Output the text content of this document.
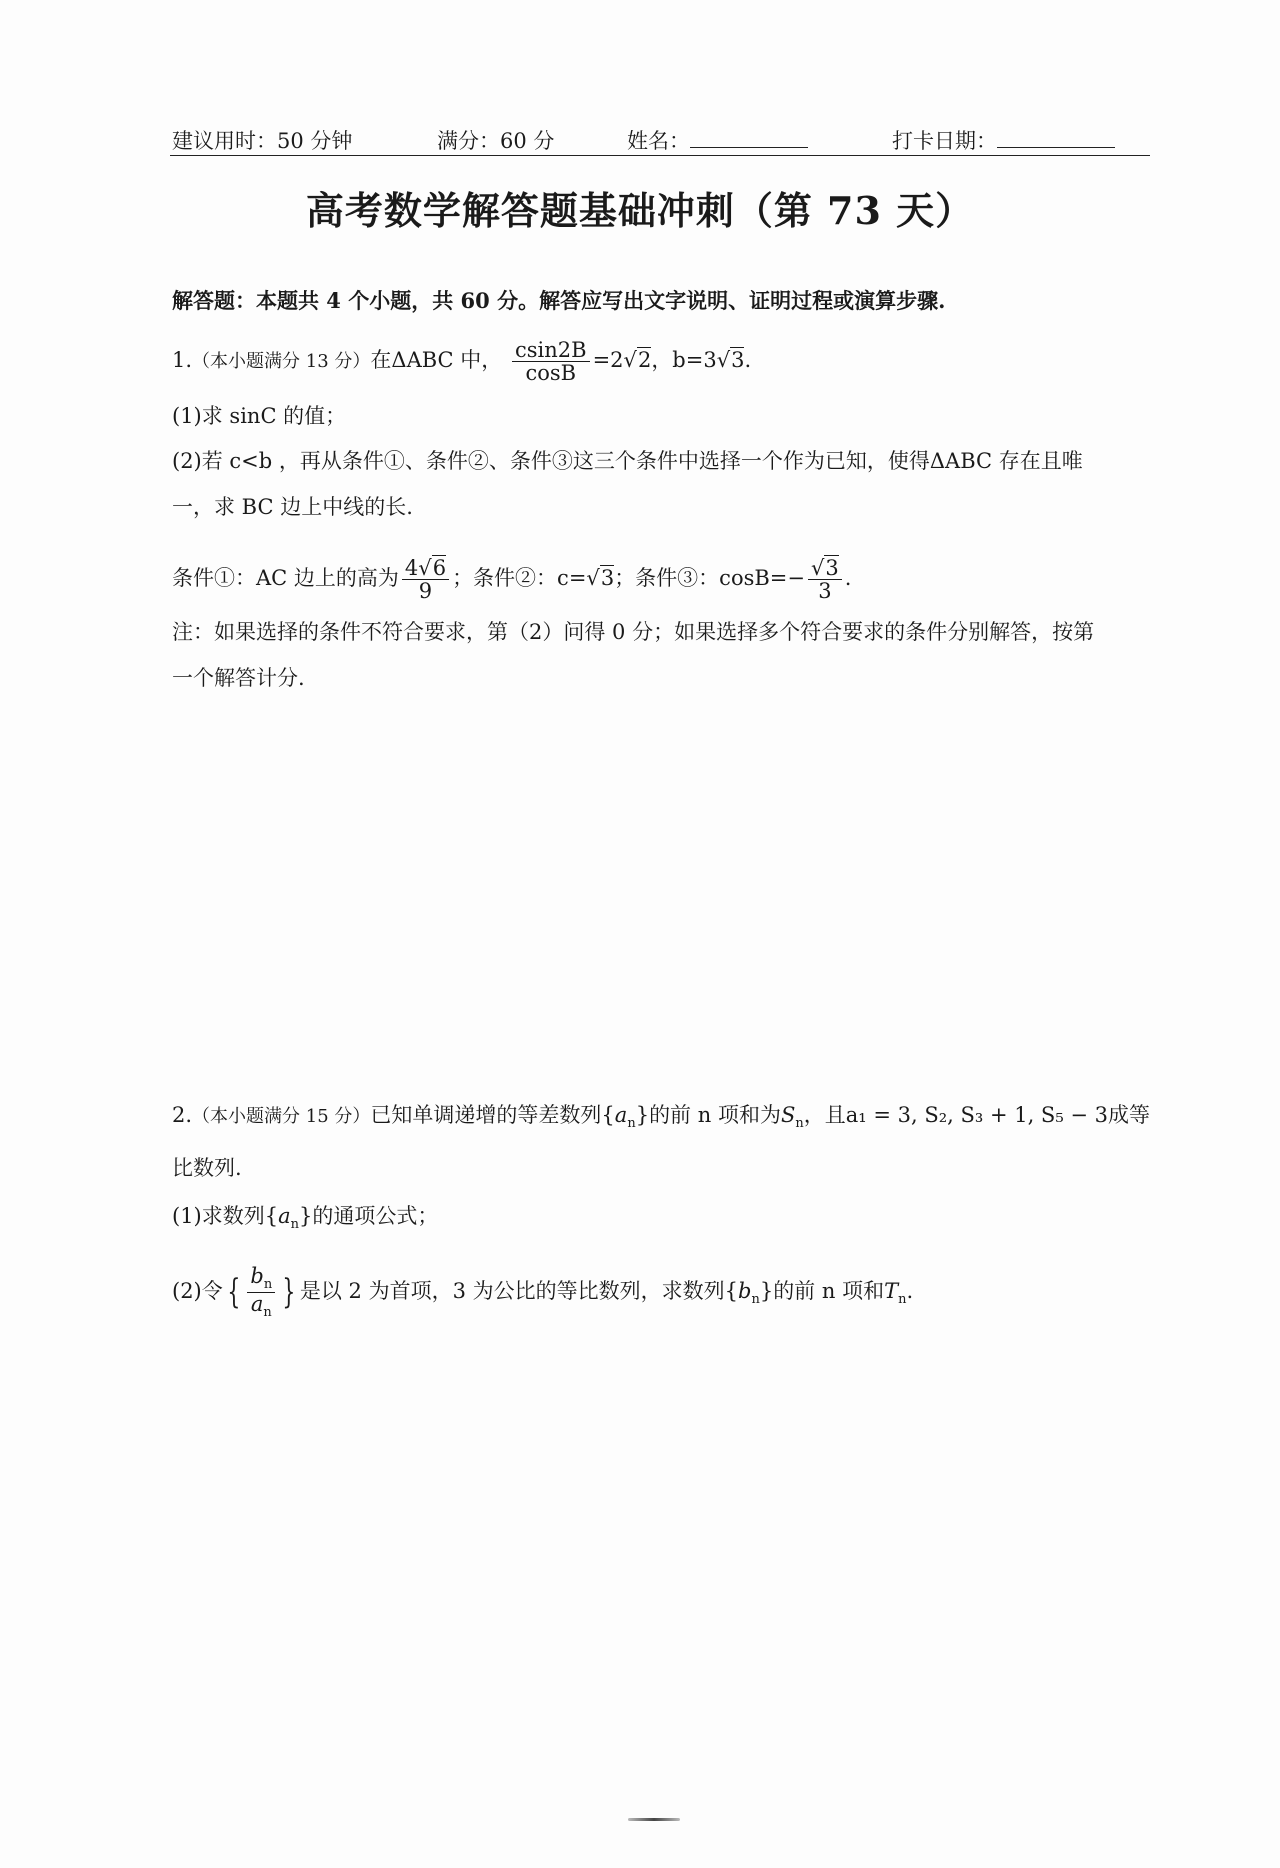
建议用时：50 分钟	满分：60 分	姓名：	打卡日期：
高考数学解答题基础冲刺（第 73 天）
解答题：本题共 4 个小题，共 60 分。解答应写出文字说明、证明过程或演算步骤.
1.（本小题满分 13 分）在ΔABC 中， $\frac{csin2B}{\cos B} =2√2$，b=3√3.
(1)求 sinC 的值；
(2)若 c<b ，再从条件①、条件②、条件③这三个条件中选择一个作为已知，使得ΔABC 存在且唯
一，求 BC 边上中线的长.
条件①：AC 边上的高为 $\frac{4√6}{9}$ ；条件②：c=√3；条件③：$\cos B=- \frac{√3}{3}$ .
注：如果选择的条件不符合要求，第（2）问得 0 分；如果选择多个符合要求的条件分别解答，按第
一个解答计分.
2.（本小题满分 15 分）已知单调递增的等差数列$\{a_n\}$的前 n 项和为$S_n$，且a₁ = 3, S₂, S₃ + 1, S₅ − 3成等
比数列.
(1)求数列$\{a_n\}$的通项公式；
(2)令 { $\frac{b_n}{a_n}$ } 是以 2 为首项，3 为公比的等比数列，求数列$\{b_n\}$的前 n 项和$T_n$.
